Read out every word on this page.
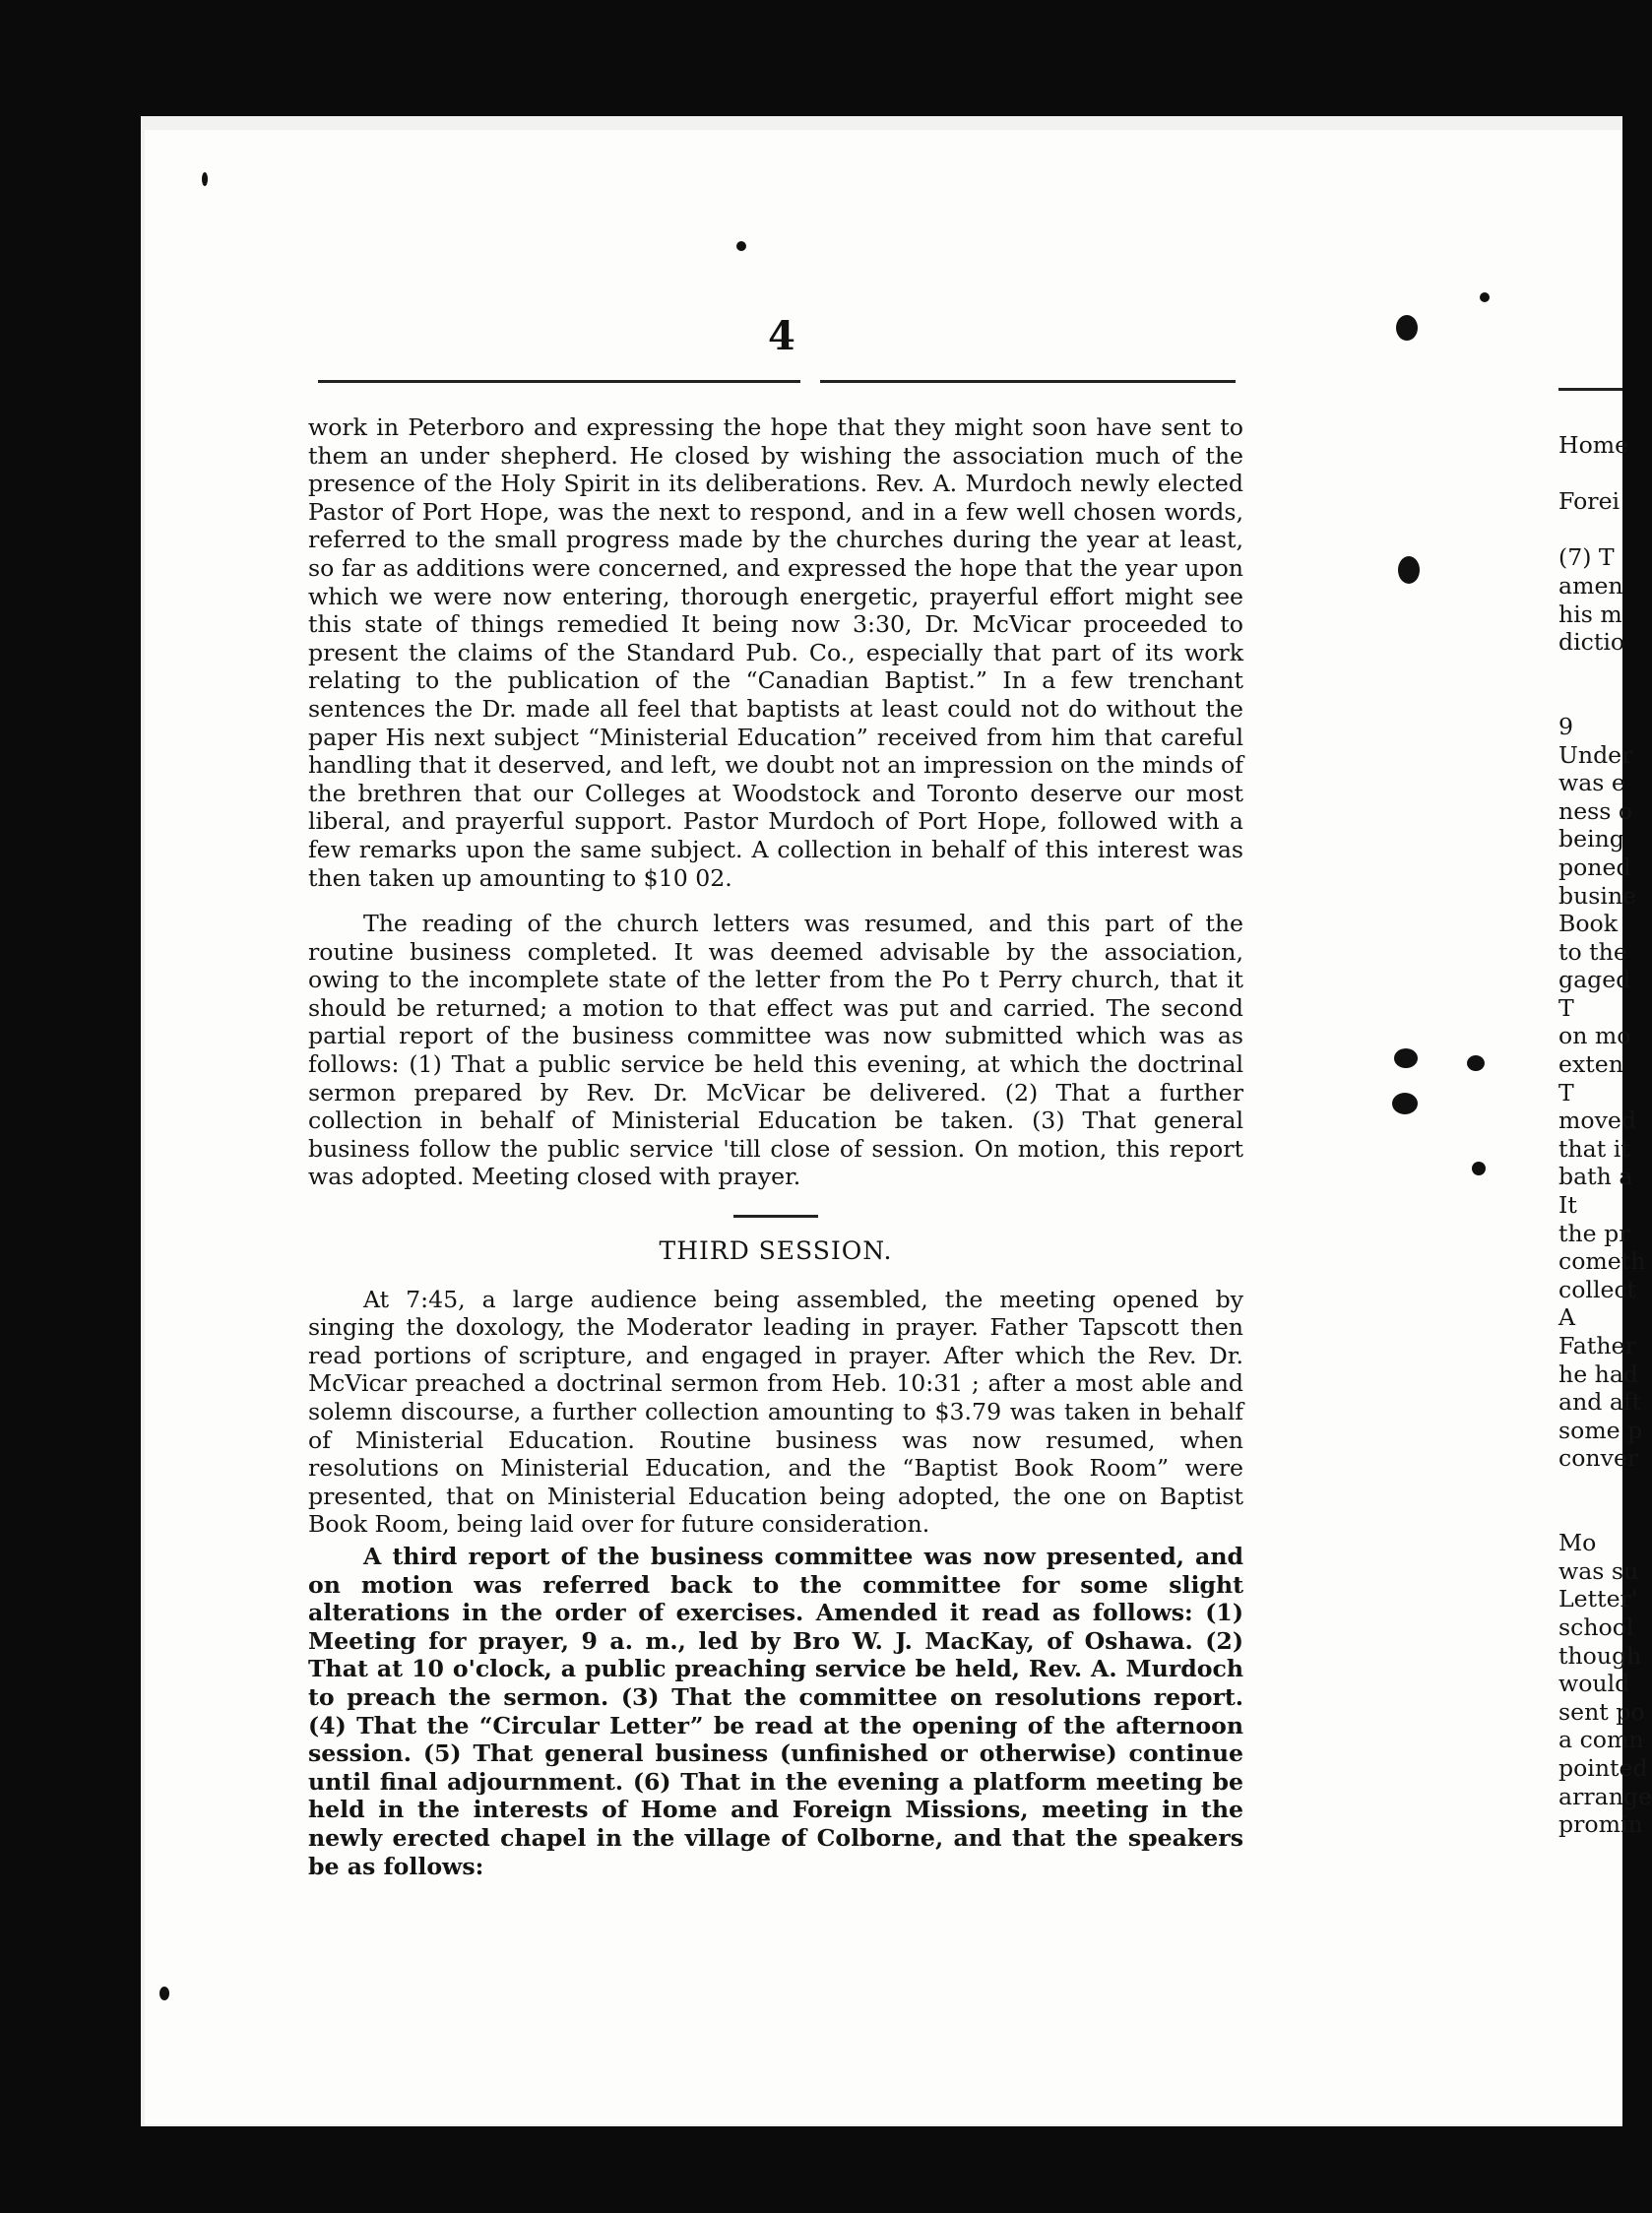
4

work in Peterboro and expressing the hope that they might soon have sent to them an under shepherd. He closed by wishing the association much of the presence of the Holy Spirit in its deliberations. Rev. A. Murdoch newly elected Pastor of Port Hope, was the next to respond, and in a few well chosen words, referred to the small progress made by the churches during the year at least, so far as additions were concerned, and expressed the hope that the year upon which we were now entering, thorough energetic, prayerful effort might see this state of things remedied It being now 3:30, Dr. McVicar proceeded to present the claims of the Standard Pub. Co., especially that part of its work relating to the publication of the “Canadian Baptist.” In a few trenchant sentences the Dr. made all feel that baptists at least could not do without the paper His next subject “Ministerial Education” received from him that careful handling that it deserved, and left, we doubt not an impression on the minds of the brethren that our Colleges at Woodstock and Toronto deserve our most liberal, and prayerful support. Pastor Murdoch of Port Hope, followed with a few remarks upon the same subject. A collection in behalf of this interest was then taken up amounting to $10 02.

The reading of the church letters was resumed, and this part of the routine business completed. It was deemed advisable by the association, owing to the incomplete state of the letter from the Po t Perry church, that it should be returned; a motion to that effect was put and carried. The second partial report of the business committee was now submitted which was as follows: (1) That a public service be held this evening, at which the doctrinal sermon prepared by Rev. Dr. McVicar be delivered. (2) That a further collection in behalf of Ministerial Education be taken. (3) That general business follow the public service 'till close of session. On motion, this report was adopted. Meeting closed with prayer.

THIRD SESSION.

At 7:45, a large audience being assembled, the meeting opened by singing the doxology, the Moderator leading in prayer. Father Tapscott then read portions of scripture, and engaged in prayer. After which the Rev. Dr. McVicar preached a doctrinal sermon from Heb. 10:31 ; after a most able and solemn discourse, a further collection amounting to $3.79 was taken in behalf of Ministerial Education. Routine business was now resumed, when resolutions on Ministerial Education, and the “Baptist Book Room” were presented, that on Ministerial Education being adopted, the one on Baptist Book Room, being laid over for future consideration.

A third report of the business committee was now presented, and on motion was referred back to the committee for some slight alterations in the order of exercises. Amended it read as follows: (1) Meeting for prayer, 9 a. m., led by Bro W. J. MacKay, of Oshawa. (2) That at 10 o'clock, a public preaching service be held, Rev. A. Murdoch to preach the sermon. (3) That the committee on resolutions report. (4) That the “Circular Letter” be read at the opening of the afternoon session. (5) That general business (unfinished or otherwise) continue until final adjournment. (6) That in the evening a platform meeting be held in the interests of Home and Foreign Missions, meeting in the newly erected chapel in the village of Colborne, and that the speakers be as follows:

Home
Forei
(7) T
amen
his m
dictio
9
Under
was e
ness o
being
poned
busine
Book
to the
gaged
T
on mo
exten
T
moved
that it
bath a
It
the pr
cometh
collect
A
Father
he had
and aft
some p
conver
Mo
was su
Letter'
school
though
would
sent po
a comn
pointed
arrange
promin
